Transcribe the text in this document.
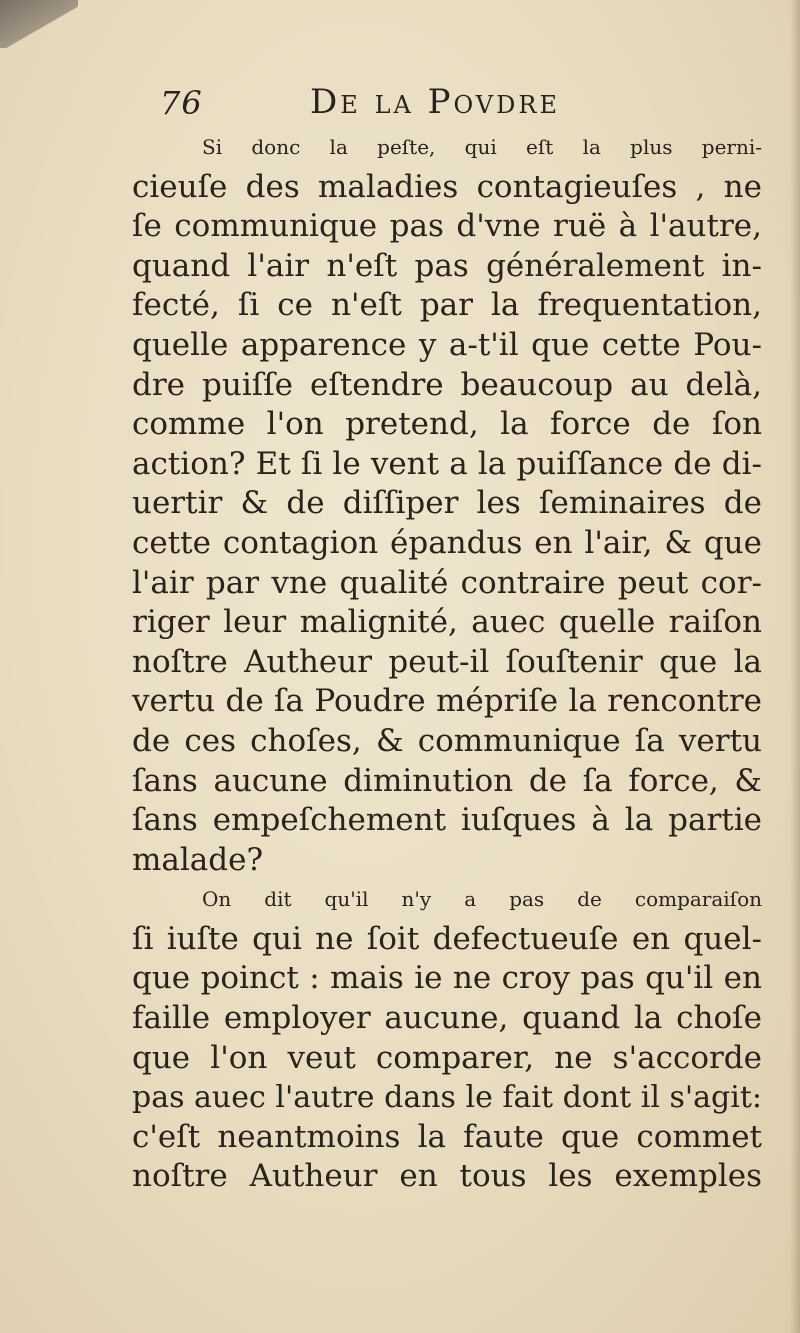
76	De la Povdre
Si donc la peſte, qui eſt la plus perni-
cieuſe des maladies contagieuſes , ne
ſe communique pas d'vne ruë à l'autre,
quand l'air n'eſt pas généralement in-
fecté, ſi ce n'eſt par la frequentation,
quelle apparence y a-t'il que cette Pou-
dre puiſſe eſtendre beaucoup au delà,
comme l'on pretend, la force de ſon
action? Et ſi le vent a la puiſſance de di-
uertir & de diſſiper les ſeminaires de
cette contagion épandus en l'air, & que
l'air par vne qualité contraire peut cor-
riger leur malignité, auec quelle raiſon
noſtre Autheur peut-il ſouſtenir que la
vertu de ſa Poudre mépriſe la rencontre
de ces choſes, & communique ſa vertu
ſans aucune diminution de ſa force, &
ſans empeſchement iuſques à la partie
malade?
On dit qu'il n'y a pas de comparaiſon
ſi iuſte qui ne ſoit defectueuſe en quel-
que poinct : mais ie ne croy pas qu'il en
faille employer aucune, quand la choſe
que l'on veut comparer, ne s'accorde
pas auec l'autre dans le fait dont il s'agit:
c'eſt neantmoins la faute que commet
noſtre Autheur en tous les exemples
